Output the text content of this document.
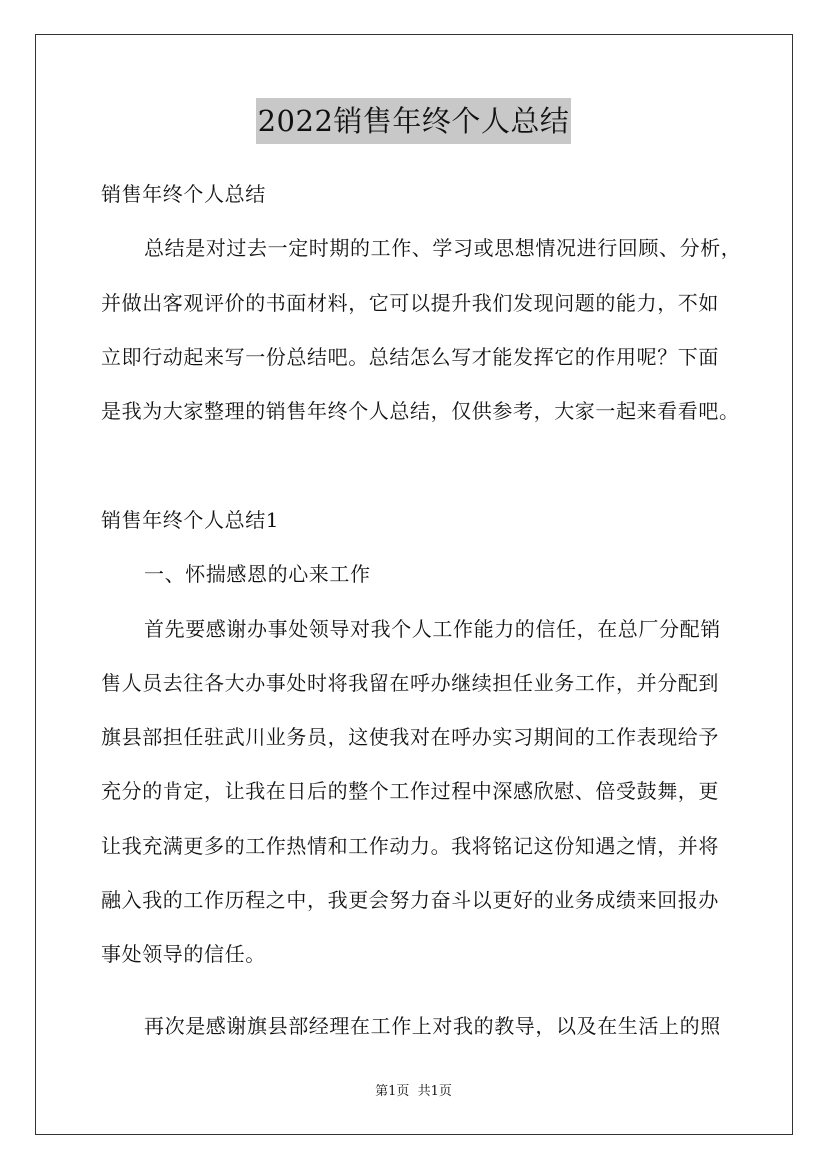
2022销售年终个人总结
销售年终个人总结
总结是对过去一定时期的工作、学习或思想情况进行回顾、分析，
并做出客观评价的书面材料，它可以提升我们发现问题的能力，不如
立即行动起来写一份总结吧。总结怎么写才能发挥它的作用呢？下面
是我为大家整理的销售年终个人总结，仅供参考，大家一起来看看吧。
销售年终个人总结1
一、怀揣感恩的心来工作
首先要感谢办事处领导对我个人工作能力的信任，在总厂分配销
售人员去往各大办事处时将我留在呼办继续担任业务工作，并分配到
旗县部担任驻武川业务员，这使我对在呼办实习期间的工作表现给予
充分的肯定，让我在日后的整个工作过程中深感欣慰、倍受鼓舞，更
让我充满更多的工作热情和工作动力。我将铭记这份知遇之情，并将
融入我的工作历程之中，我更会努力奋斗以更好的业务成绩来回报办
事处领导的信任。
再次是感谢旗县部经理在工作上对我的教导，以及在生活上的照
第1页  共1页
